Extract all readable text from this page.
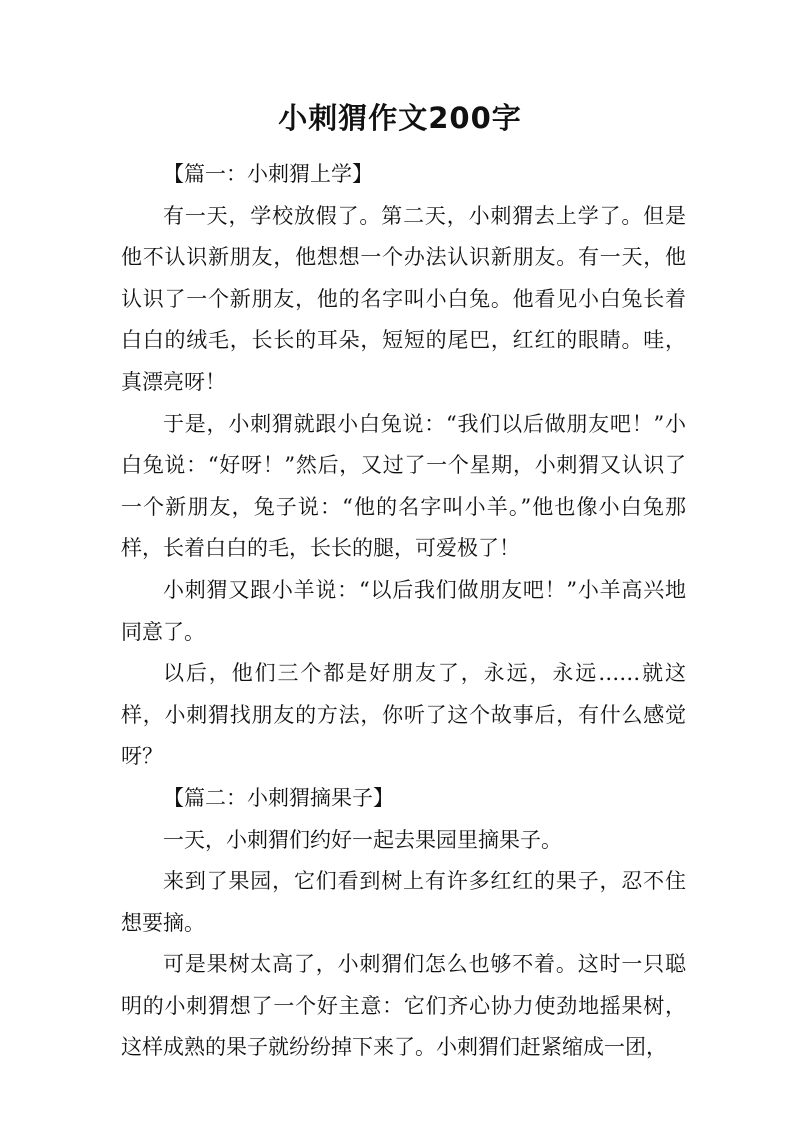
小刺猬作文200字

【篇一：小刺猬上学】

有一天，学校放假了。第二天，小刺猬去上学了。但是他不认识新朋友，他想想一个办法认识新朋友。有一天，他认识了一个新朋友，他的名字叫小白兔。他看见小白兔长着白白的绒毛，长长的耳朵，短短的尾巴，红红的眼睛。哇，真漂亮呀！

于是，小刺猬就跟小白兔说：“我们以后做朋友吧！”小白兔说：“好呀！”然后，又过了一个星期，小刺猬又认识了一个新朋友，兔子说：“他的名字叫小羊。”他也像小白兔那样，长着白白的毛，长长的腿，可爱极了！

小刺猬又跟小羊说：“以后我们做朋友吧！”小羊高兴地同意了。

以后，他们三个都是好朋友了，永远，永远……就这样，小刺猬找朋友的方法，你听了这个故事后，有什么感觉呀？

【篇二：小刺猬摘果子】

一天，小刺猬们约好一起去果园里摘果子。

来到了果园，它们看到树上有许多红红的果子，忍不住想要摘。

可是果树太高了，小刺猬们怎么也够不着。这时一只聪明的小刺猬想了一个好主意：它们齐心协力使劲地摇果树，这样成熟的果子就纷纷掉下来了。小刺猬们赶紧缩成一团，
